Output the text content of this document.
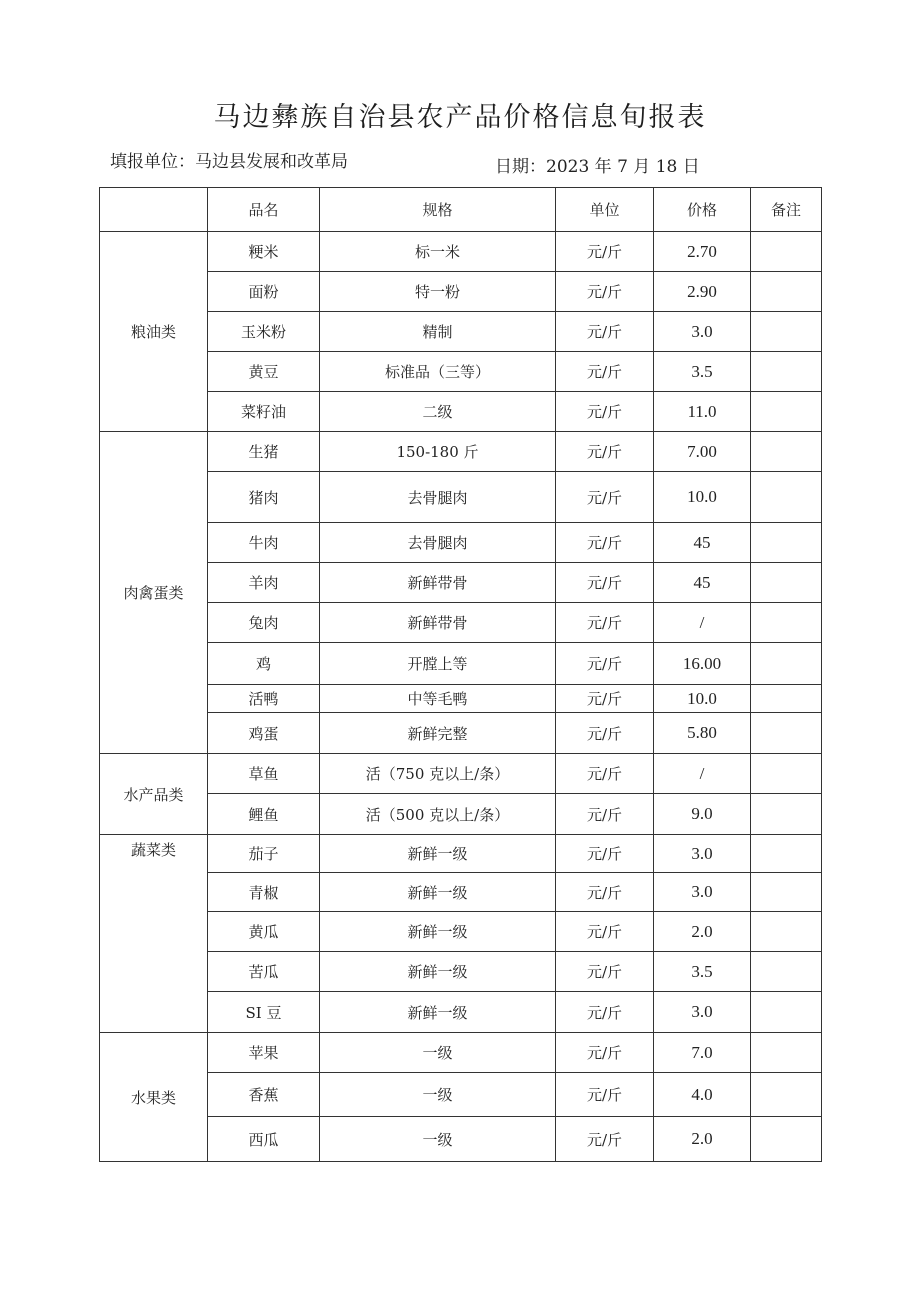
马边彝族自治县农产品价格信息旬报表
填报单位：马边县发展和改革局	日期：2023 年 7 月 18 日
	品名	规格	单位	价格	备注
粮油类	粳米	标一米	元/斤	2.70	
	面粉	特一粉	元/斤	2.90	
	玉米粉	精制	元/斤	3.0	
	黄豆	标准品（三等）	元/斤	3.5	
	菜籽油	二级	元/斤	11.0	
肉禽蛋类	生猪	150-180 斤	元/斤	7.00	
	猪肉	去骨腿肉	元/斤	10.0	
	牛肉	去骨腿肉	元/斤	45	
	羊肉	新鲜带骨	元/斤	45	
	兔肉	新鲜带骨	元/斤	/	
	鸡	开膛上等	元/斤	16.00	
	活鸭	中等毛鸭	元/斤	10.0	
	鸡蛋	新鲜完整	元/斤	5.80	
水产品类	草鱼	活（750 克以上/条）	元/斤	/	
	鲤鱼	活（500 克以上/条）	元/斤	9.0	
蔬菜类	茄子	新鲜一级	元/斤	3.0	
	青椒	新鲜一级	元/斤	3.0	
	黄瓜	新鲜一级	元/斤	2.0	
	苦瓜	新鲜一级	元/斤	3.5	
	SI 豆	新鲜一级	元/斤	3.0	
水果类	苹果	一级	元/斤	7.0	
	香蕉	一级	元/斤	4.0	
	西瓜	一级	元/斤	2.0	
